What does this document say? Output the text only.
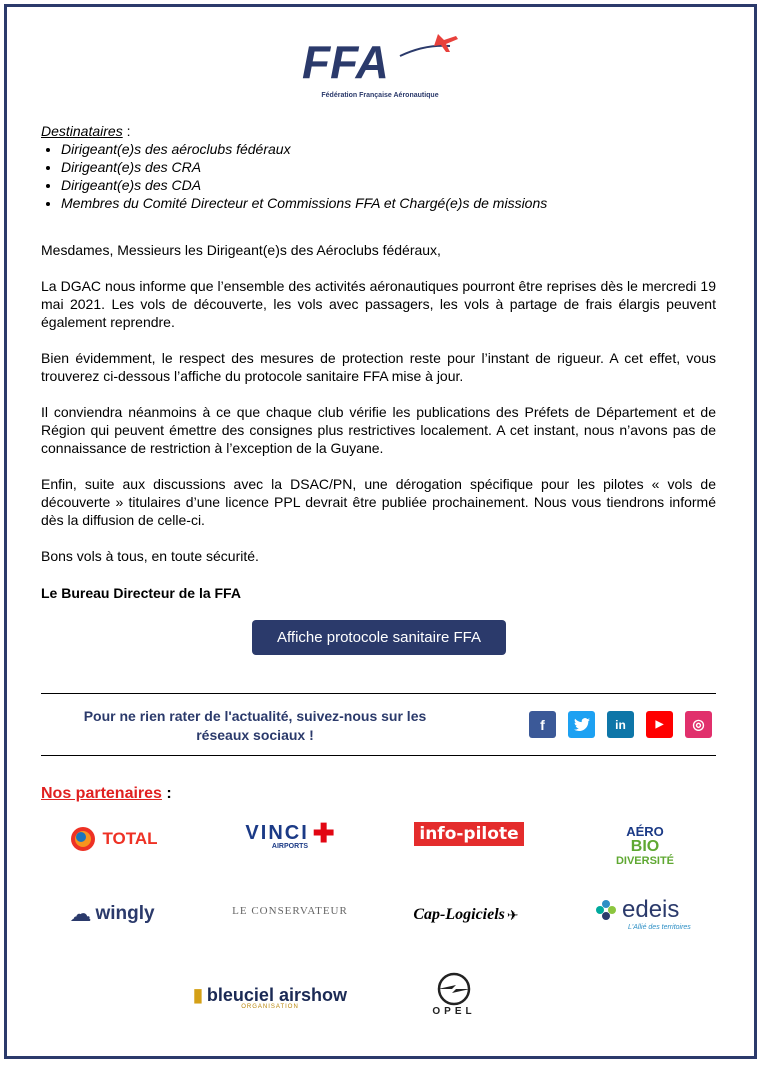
FFA
Fédération Française Aéronautique
Destinataires :
• Dirigeant(e)s des aéroclubs fédéraux
• Dirigeant(e)s des CRA
• Dirigeant(e)s des CDA
• Membres du Comité Directeur et Commissions FFA et Chargé(e)s de missions

Mesdames, Messieurs les Dirigeant(e)s des Aéroclubs fédéraux,

La DGAC nous informe que l’ensemble des activités aéronautiques pourront être reprises dès le mercredi 19 mai 2021. Les vols de découverte, les vols avec passagers, les vols à partage de frais élargis peuvent également reprendre.

Bien évidemment, le respect des mesures de protection reste pour l’instant de rigueur. A cet effet, vous trouverez ci-dessous l’affiche du protocole sanitaire FFA mise à jour.

Il conviendra néanmoins à ce que chaque club vérifie les publications des Préfets de Département et de Région qui peuvent émettre des consignes plus restrictives localement. A cet instant, nous n’avons pas de connaissance de restriction à l’exception de la Guyane.

Enfin, suite aux discussions avec la DSAC/PN, une dérogation spécifique pour les pilotes « vols de découverte » titulaires d’une licence PPL devrait être publiée prochainement. Nous vous tiendrons informé dès la diffusion de celle-ci.

Bons vols à tous, en toute sécurité.

Le Bureau Directeur de la FFA

Affiche protocole sanitaire FFA
Pour ne rien rater de l'actualité, suivez-nous sur les réseaux sociaux !
f	in	▶ ◎
Nos partenaires :
TOTAL	VINCI ✚
AIRPORTS
info-pilote	AÉRO
BIO
DIVERSITÉ
☁ wingly	LE CONSERVATEUR	Cap-Logiciels ✈	edeis
L'Allié des territoires
▮ bleuciel airshow
ORGANISATION	OPEL
